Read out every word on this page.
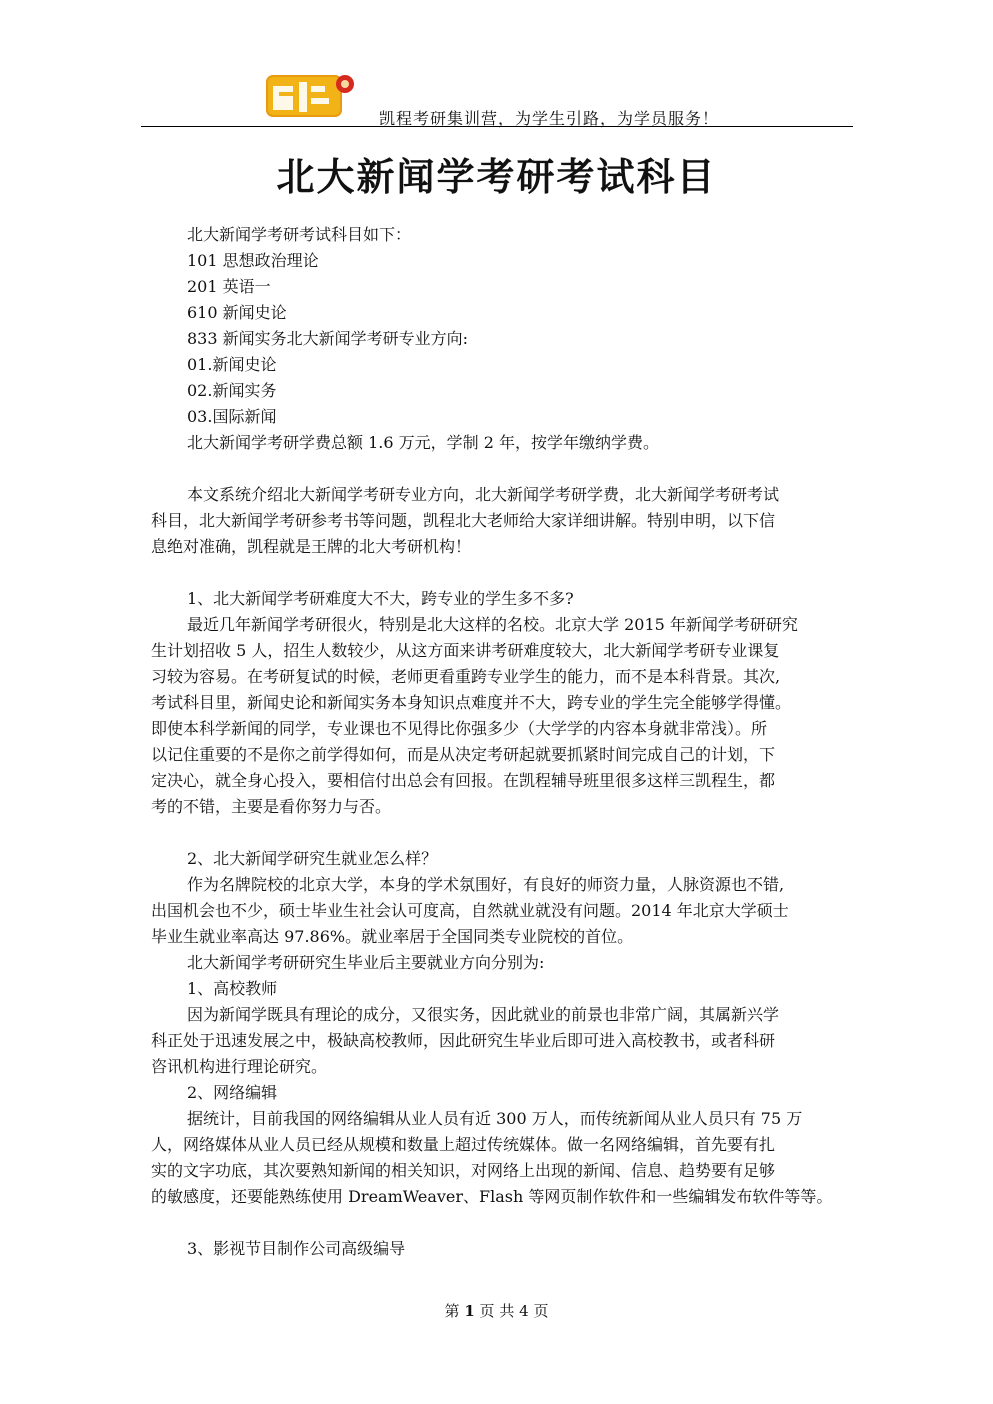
凯程考研集训营，为学生引路，为学员服务！
北大新闻学考研考试科目
北大新闻学考研考试科目如下：
101 思想政治理论
201 英语一
610 新闻史论
833 新闻实务北大新闻学考研专业方向:
01.新闻史论
02.新闻实务
03.国际新闻
北大新闻学考研学费总额 1.6 万元，学制 2 年，按学年缴纳学费。
本文系统介绍北大新闻学考研专业方向，北大新闻学考研学费，北大新闻学考研考试
科目，北大新闻学考研参考书等问题，凯程北大老师给大家详细讲解。特别申明，以下信
息绝对准确，凯程就是王牌的北大考研机构！
1、北大新闻学考研难度大不大，跨专业的学生多不多?
最近几年新闻学考研很火，特别是北大这样的名校。北京大学 2015 年新闻学考研研究
生计划招收 5 人，招生人数较少，从这方面来讲考研难度较大，北大新闻学考研专业课复
习较为容易。在考研复试的时候，老师更看重跨专业学生的能力，而不是本科背景。其次,
考试科目里，新闻史论和新闻实务本身知识点难度并不大，跨专业的学生完全能够学得懂。
即使本科学新闻的同学，专业课也不见得比你强多少（大学学的内容本身就非常浅）。所
以记住重要的不是你之前学得如何，而是从决定考研起就要抓紧时间完成自己的计划，下
定决心，就全身心投入，要相信付出总会有回报。在凯程辅导班里很多这样三凯程生，都
考的不错，主要是看你努力与否。
2、北大新闻学研究生就业怎么样？
作为名牌院校的北京大学，本身的学术氛围好，有良好的师资力量，人脉资源也不错,
出国机会也不少，硕士毕业生社会认可度高，自然就业就没有问题。2014 年北京大学硕士
毕业生就业率高达 97.86%。就业率居于全国同类专业院校的首位。
北大新闻学考研研究生毕业后主要就业方向分别为:
1、高校教师
因为新闻学既具有理论的成分，又很实务，因此就业的前景也非常广阔，其属新兴学
科正处于迅速发展之中，极缺高校教师，因此研究生毕业后即可进入高校教书，或者科研
咨讯机构进行理论研究。
2、网络编辑
据统计，目前我国的网络编辑从业人员有近 300 万人，而传统新闻从业人员只有 75 万
人，网络媒体从业人员已经从规模和数量上超过传统媒体。做一名网络编辑，首先要有扎
实的文字功底，其次要熟知新闻的相关知识，对网络上出现的新闻、信息、趋势要有足够
的敏感度，还要能熟练使用 DreamWeaver、Flash 等网页制作软件和一些编辑发布软件等等。
3、影视节目制作公司高级编导
第 1 页 共 4 页
